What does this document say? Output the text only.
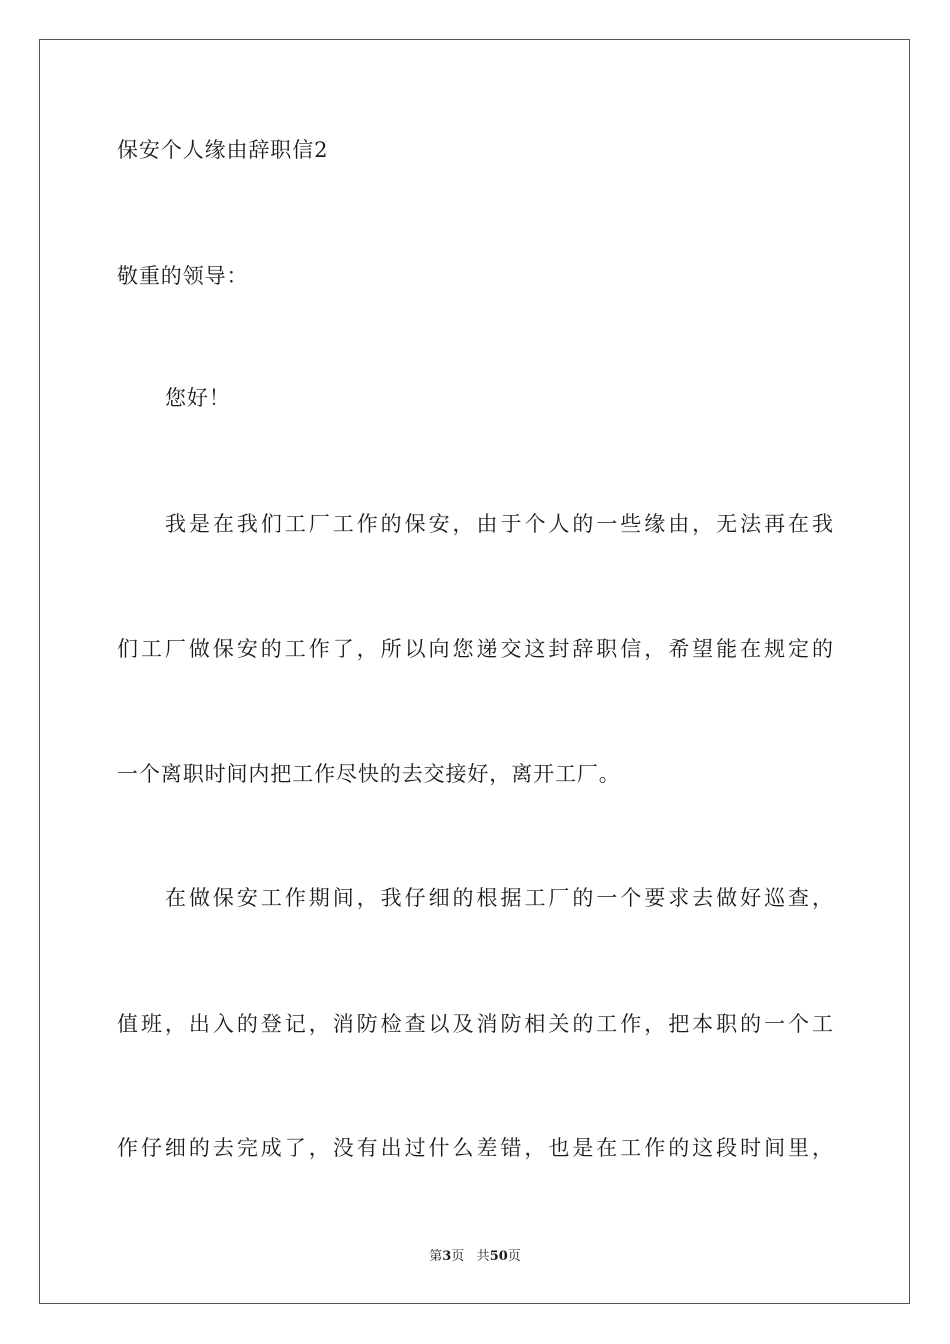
保安个人缘由辞职信2
敬重的领导：
您好！
我是在我们工厂工作的保安，由于个人的一些缘由，无法再在我
们工厂做保安的工作了，所以向您递交这封辞职信，希望能在规定的
一个离职时间内把工作尽快的去交接好，离开工厂。
在做保安工作期间，我仔细的根据工厂的一个要求去做好巡查，
值班，出入的登记，消防检查以及消防相关的工作，把本职的一个工
作仔细的去完成了，没有出过什么差错，也是在工作的这段时间里，
第3页 共50页
